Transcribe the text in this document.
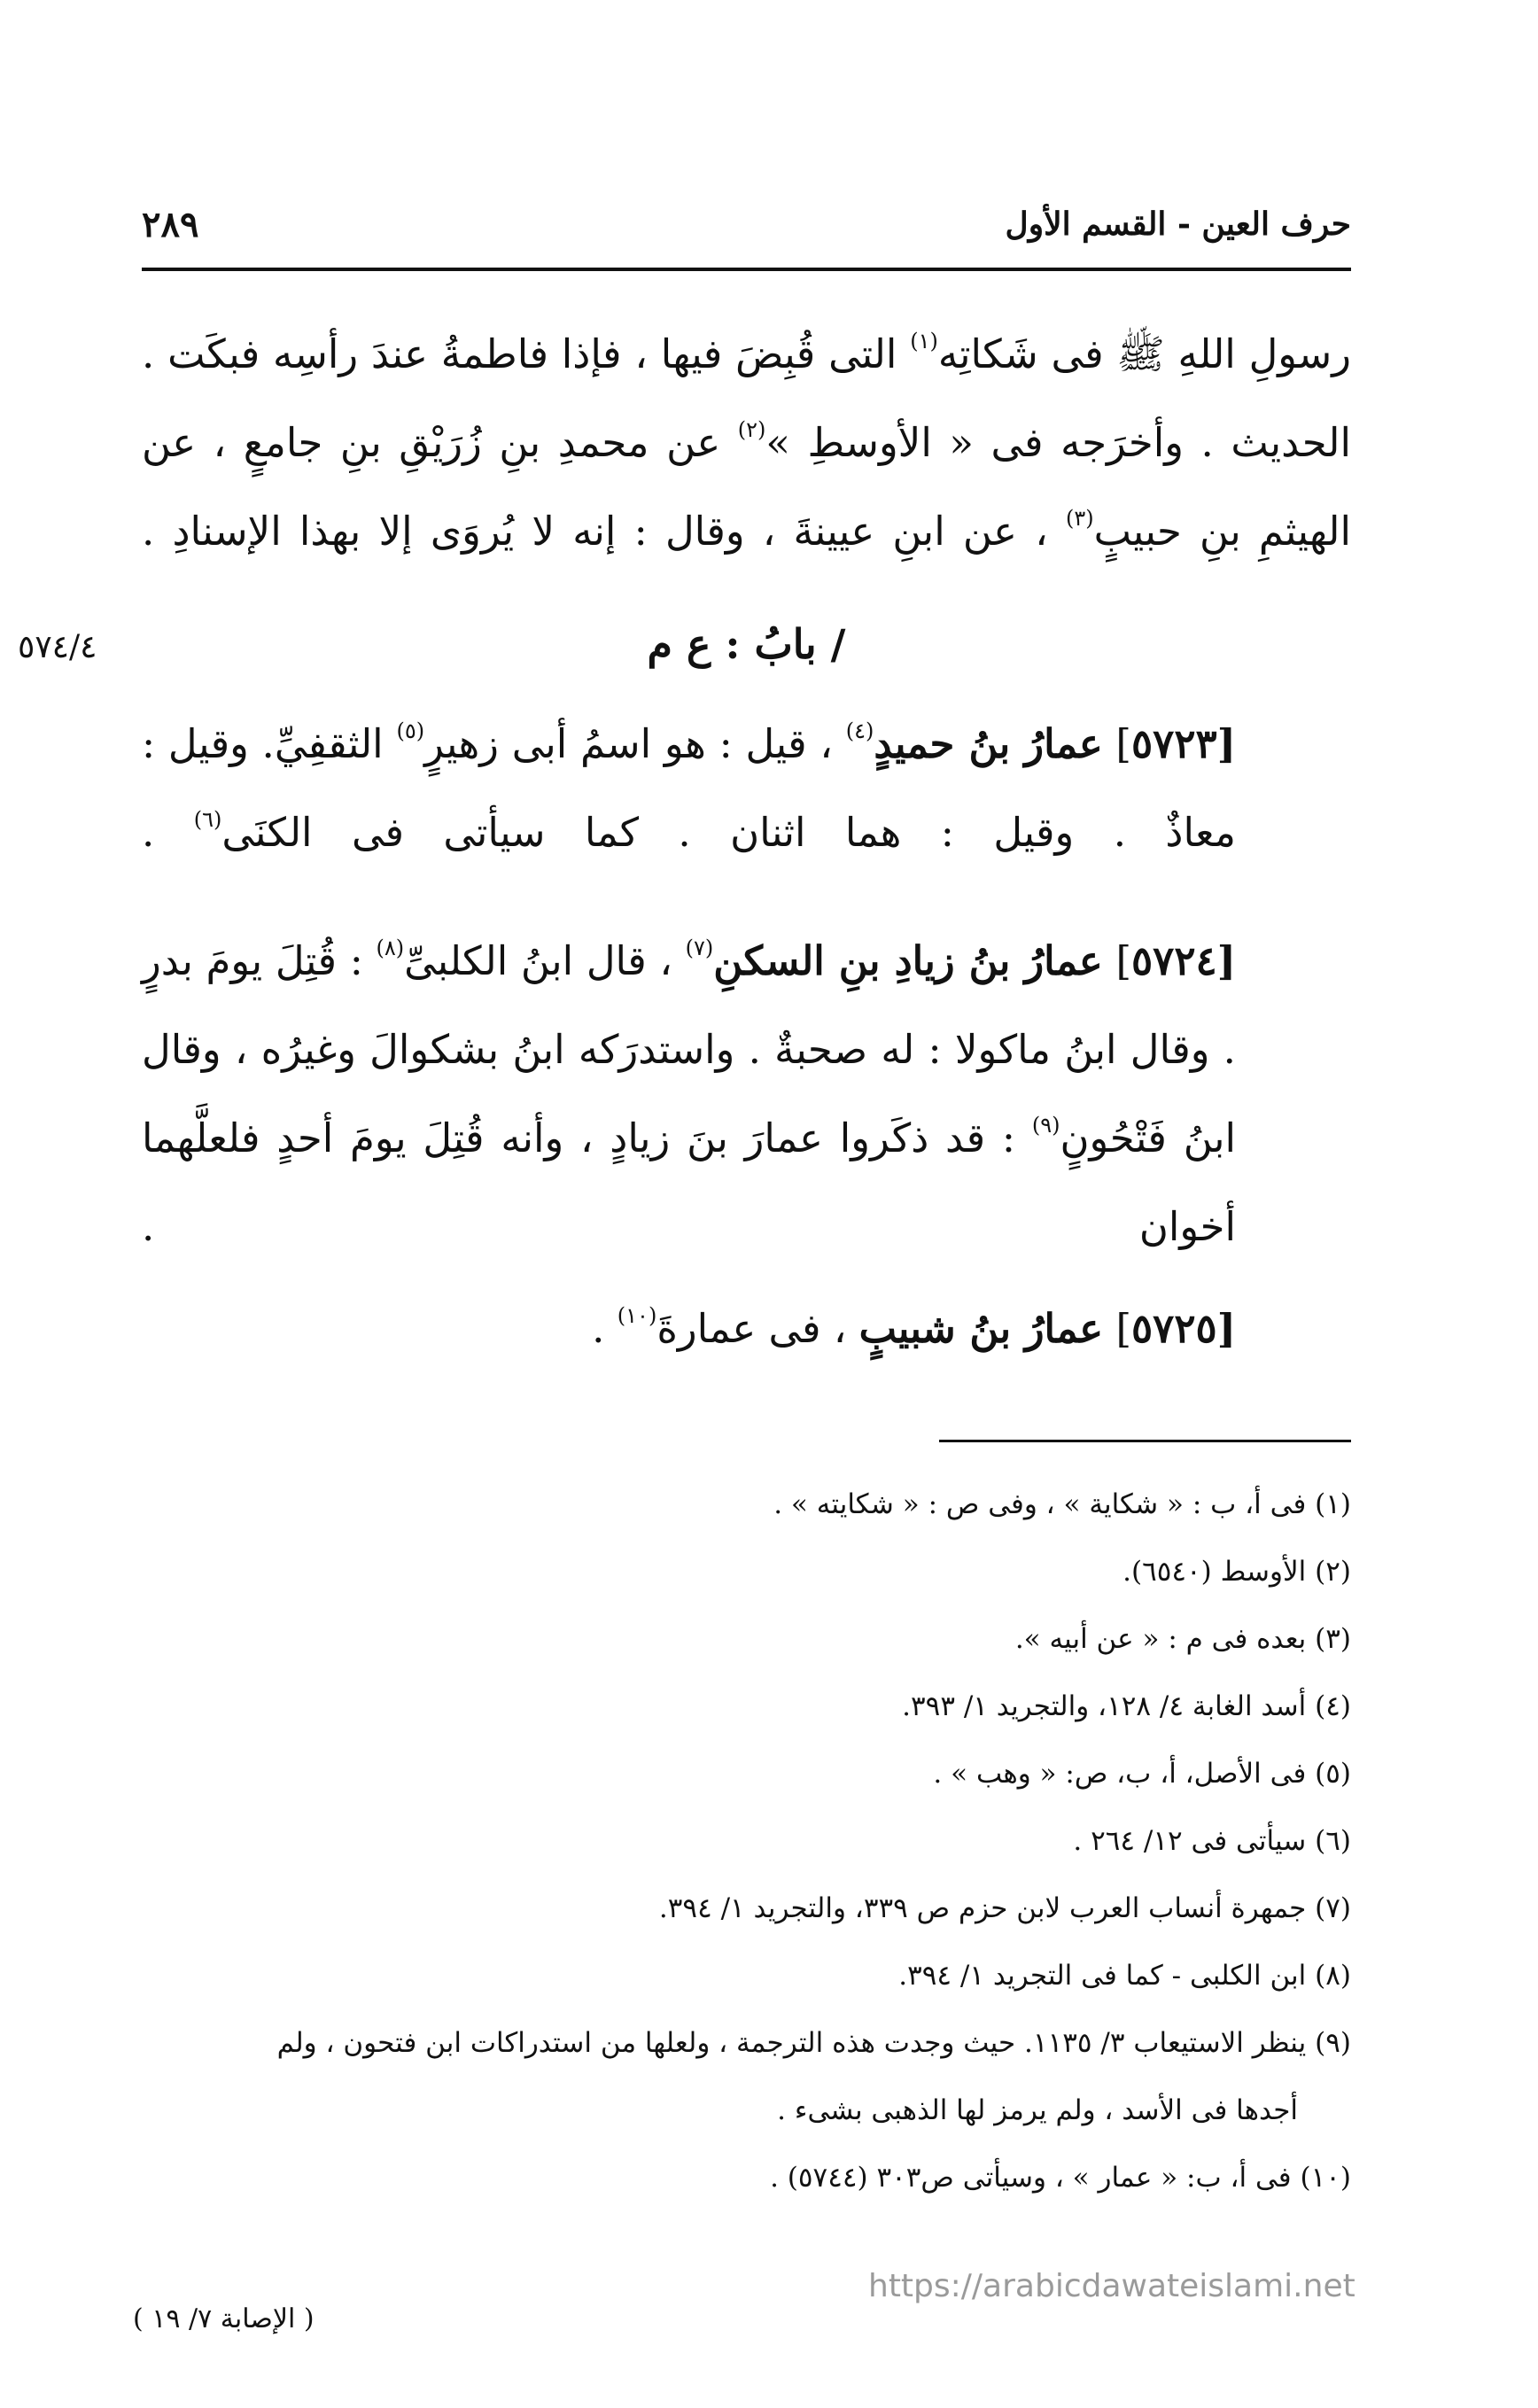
حرف العين - القسم الأول
٢٨٩

رسولِ اللهِ ﷺ فى شَكاتِه$^{(١)}$ التى قُبِضَ فيها ، فإذا فاطمةُ عندَ رأسِه فبكَت . الحديث . وأخرَجه فى « الأوسطِ »$^{(٢)}$ عن محمدِ بنِ زُرَيْقِ بنِ جامعٍ ، عن الهيثمِ بنِ حبيبٍ$^{(٣)}$ ، عن ابنِ عيينةَ ، وقال : إنه لا يُروَى إلا بهذا الإسنادِ .

/ بابُ : ع م
٥٧٤/٤

[٥٧٢٣] عمارُ بنُ حميدٍ$^{(٤)}$ ، قيل : هو اسمُ أبى زهيرٍ$^{(٥)}$ الثقفِيِّ. وقيل : معاذٌ . وقيل : هما اثنان . كما سيأتى فى الكنَى$^{(٦)}$ .

[٥٧٢٤] عمارُ بنُ زيادِ بنِ السكنِ$^{(٧)}$ ، قال ابنُ الكلبىِّ$^{(٨)}$ : قُتِلَ يومَ بدرٍ . وقال ابنُ ماكولا : له صحبةٌ . واستدرَكه ابنُ بشكوالَ وغيرُه ، وقال ابنُ فَتْحُونٍ$^{(٩)}$ : قد ذكَروا عمارَ بنَ زيادٍ ، وأنه قُتِلَ يومَ أحدٍ فلعلَّهما أخوان .

[٥٧٢٥] عمارُ بنُ شبيبٍ ، فى عمارةَ$^{(١٠)}$ .

(١) فى أ، ب : « شكاية » ، وفى ص : « شكايته » .

(٢) الأوسط (٦٥٤٠).

(٣) بعده فى م : « عن أبيه ».

(٤) أسد الغابة ٤/ ١٢٨، والتجريد ١/ ٣٩٣.

(٥) فى الأصل، أ، ب، ص: « وهب » .

(٦) سيأتى فى ١٢/ ٢٦٤ .

(٧) جمهرة أنساب العرب لابن حزم ص ٣٣٩، والتجريد ١/ ٣٩٤.

(٨) ابن الكلبى - كما فى التجريد ١/ ٣٩٤.

(٩) ينظر الاستيعاب ٣/ ١١٣٥. حيث وجدت هذه الترجمة ، ولعلها من استدراكات ابن فتحون ، ولم

أجدها فى الأسد ، ولم يرمز لها الذهبى بشىء .

(١٠) فى أ، ب: « عمار » ، وسيأتى ص٣٠٣ (٥٧٤٤) .

https://arabicdawateislami.net
( الإصابة ٧/ ١٩ )
